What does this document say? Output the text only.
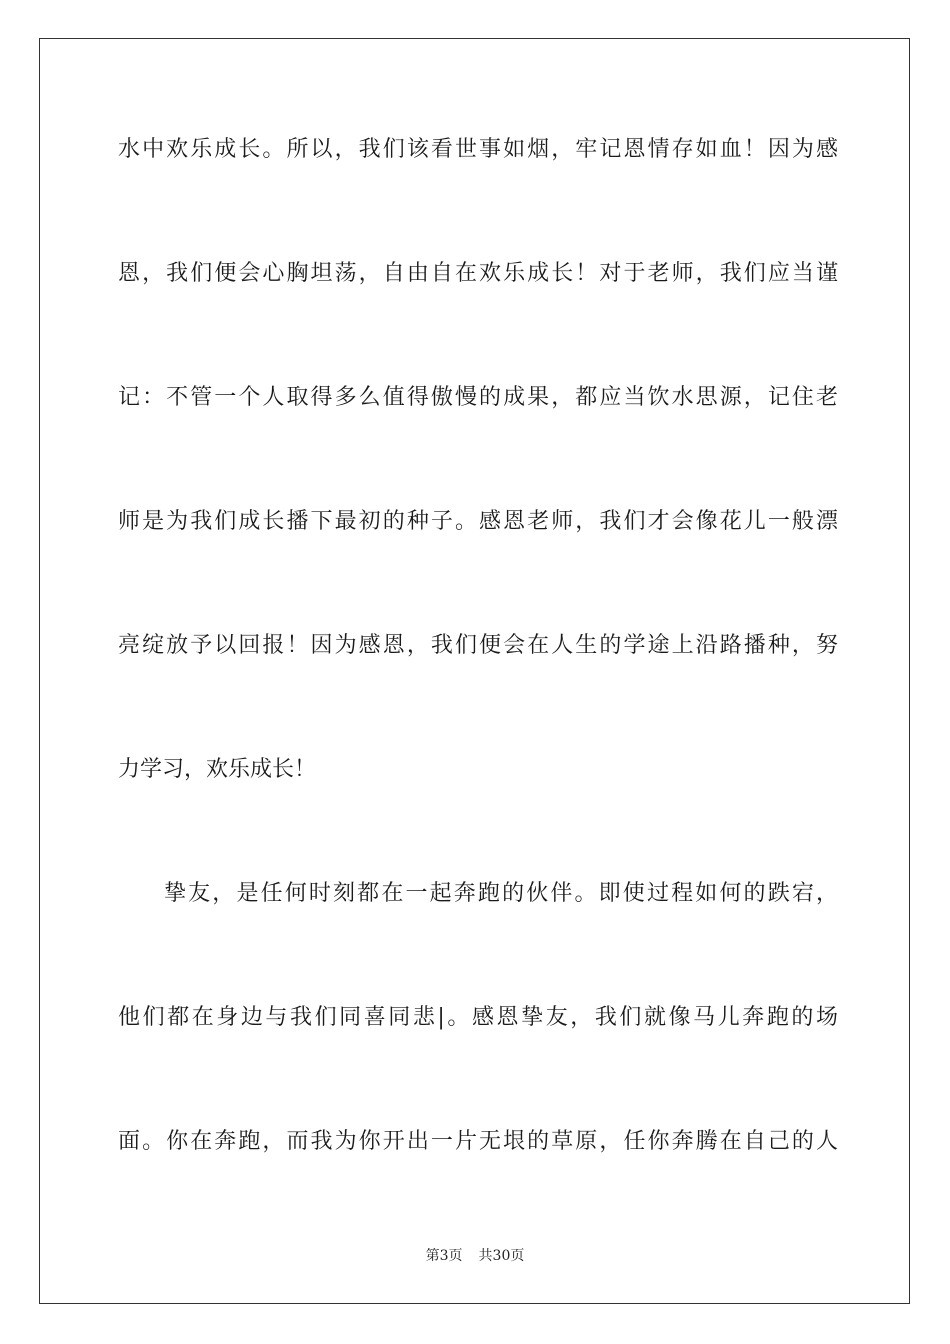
水中欢乐成长。所以，我们该看世事如烟，牢记恩情存如血！因为感
恩，我们便会心胸坦荡，自由自在欢乐成长！对于老师，我们应当谨
记：不管一个人取得多么值得傲慢的成果，都应当饮水思源，记住老
师是为我们成长播下最初的种子。感恩老师，我们才会像花儿一般漂
亮绽放予以回报！因为感恩，我们便会在人生的学途上沿路播种，努
力学习，欢乐成长！
挚友，是任何时刻都在一起奔跑的伙伴。即使过程如何的跌宕，
他们都在身边与我们同喜同悲|。感恩挚友，我们就像马儿奔跑的场
面。你在奔跑，而我为你开出一片无垠的草原，任你奔腾在自己的人
第3页 共30页
